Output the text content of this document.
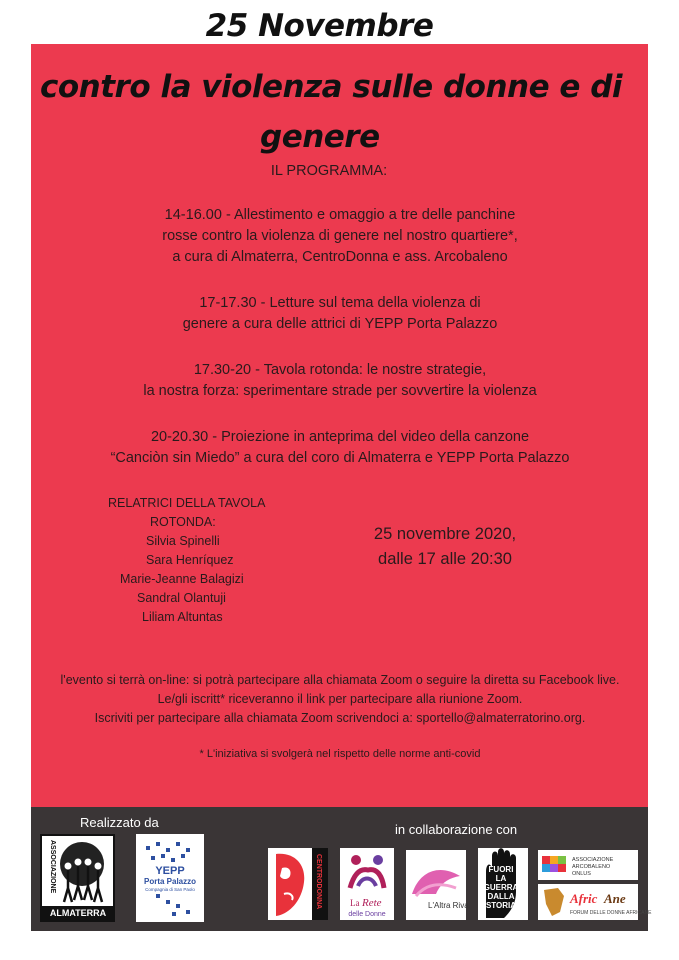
25 Novembre
contro la violenza sulle donne e di
genere
IL PROGRAMMA:
14-16.00 - Allestimento e omaggio a tre delle panchine
rosse contro la violenza di genere nel nostro quartiere*,
a cura di Almaterra, CentroDonna e ass. Arcobaleno
17-17.30 - Letture sul tema della violenza di
genere a cura delle attrici di YEPP Porta Palazzo
17.30-20 - Tavola rotonda: le nostre strategie,
la nostra forza: sperimentare strade per sovvertire la violenza
20-20.30 - Proiezione in anteprima del video della canzone
“Canciòn sin Miedo” a cura del coro di Almaterra e YEPP Porta Palazzo
RELATRICI DELLA TAVOLA
ROTONDA:
Silvia Spinelli
Sara Henríquez
Marie-Jeanne Balagizi
Sandral Olantuji
Liliam Altuntas
25 novembre 2020,
dalle 17 alle 20:30
l'evento si terrà on-line: si potrà partecipare alla chiamata Zoom o seguire la diretta su Facebook live.
Le/gli iscritt* riceveranno il link per partecipare alla riunione Zoom.
Iscriviti per partecipare alla chiamata Zoom scrivendoci a: sportello@almaterratorino.org.
* L'iniziativa si svolgerà nel rispetto delle norme anti-covid
Realizzato da	in collaborazione con
ALMATERRA
ASSOCIAZIONE	YEPP
Porta Palazzo
Compagnia di San Paolo	CENTRODONNA	La Rete
delle Donne
L'Altra Riva
FUORI
LA
GUERRA
DALLA
STORIA
ASSOCIAZIONE
ARCOBALENO
ONLUS
Afric Ane
FORUM DELLE DONNE AFRICANE
